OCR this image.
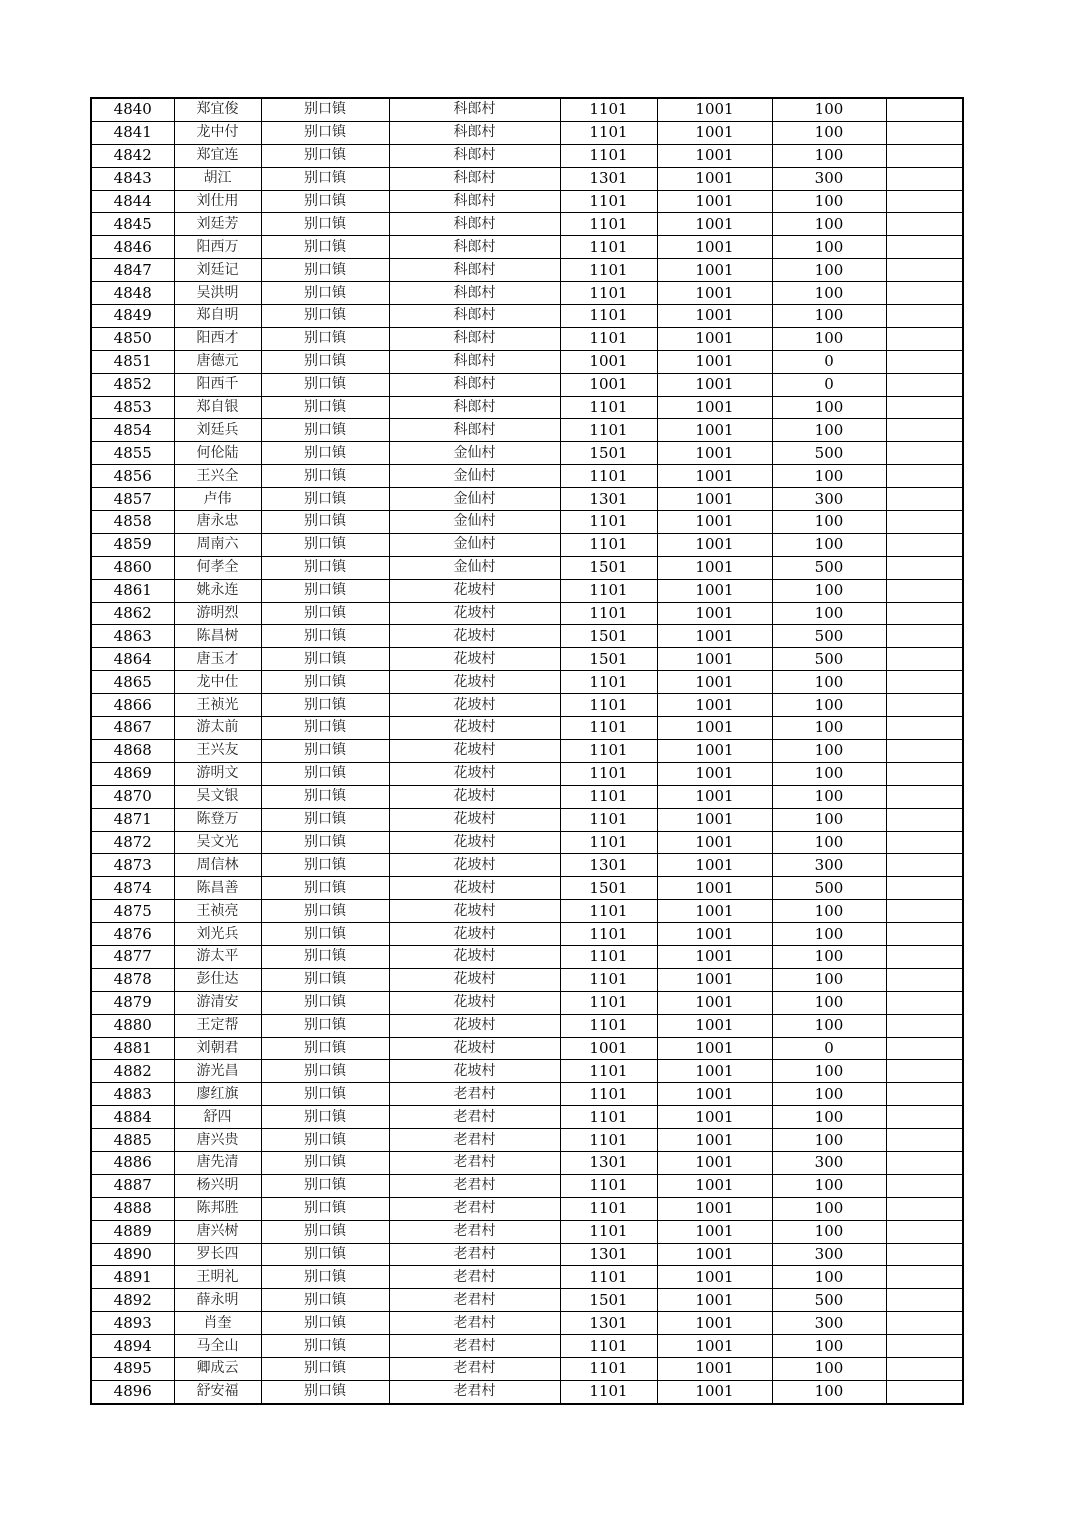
4840	郑宜俊	别口镇	科郎村	1101	1001	100	
4841	龙中付	别口镇	科郎村	1101	1001	100	
4842	郑宜连	别口镇	科郎村	1101	1001	100	
4843	胡江	别口镇	科郎村	1301	1001	300	
4844	刘仕用	别口镇	科郎村	1101	1001	100	
4845	刘廷芳	别口镇	科郎村	1101	1001	100	
4846	阳西万	别口镇	科郎村	1101	1001	100	
4847	刘廷记	别口镇	科郎村	1101	1001	100	
4848	吴洪明	别口镇	科郎村	1101	1001	100	
4849	郑自明	别口镇	科郎村	1101	1001	100	
4850	阳西才	别口镇	科郎村	1101	1001	100	
4851	唐德元	别口镇	科郎村	1001	1001	0	
4852	阳西千	别口镇	科郎村	1001	1001	0	
4853	郑自银	别口镇	科郎村	1101	1001	100	
4854	刘廷兵	别口镇	科郎村	1101	1001	100	
4855	何伦陆	别口镇	金仙村	1501	1001	500	
4856	王兴全	别口镇	金仙村	1101	1001	100	
4857	卢伟	别口镇	金仙村	1301	1001	300	
4858	唐永忠	别口镇	金仙村	1101	1001	100	
4859	周南六	别口镇	金仙村	1101	1001	100	
4860	何孝全	别口镇	金仙村	1501	1001	500	
4861	姚永连	别口镇	花坡村	1101	1001	100	
4862	游明烈	别口镇	花坡村	1101	1001	100	
4863	陈昌树	别口镇	花坡村	1501	1001	500	
4864	唐玉才	别口镇	花坡村	1501	1001	500	
4865	龙中仕	别口镇	花坡村	1101	1001	100	
4866	王祯光	别口镇	花坡村	1101	1001	100	
4867	游太前	别口镇	花坡村	1101	1001	100	
4868	王兴友	别口镇	花坡村	1101	1001	100	
4869	游明文	别口镇	花坡村	1101	1001	100	
4870	吴文银	别口镇	花坡村	1101	1001	100	
4871	陈登万	别口镇	花坡村	1101	1001	100	
4872	吴文光	别口镇	花坡村	1101	1001	100	
4873	周信林	别口镇	花坡村	1301	1001	300	
4874	陈昌善	别口镇	花坡村	1501	1001	500	
4875	王祯亮	别口镇	花坡村	1101	1001	100	
4876	刘光兵	别口镇	花坡村	1101	1001	100	
4877	游太平	别口镇	花坡村	1101	1001	100	
4878	彭仕达	别口镇	花坡村	1101	1001	100	
4879	游清安	别口镇	花坡村	1101	1001	100	
4880	王定帮	别口镇	花坡村	1101	1001	100	
4881	刘朝君	别口镇	花坡村	1001	1001	0	
4882	游光昌	别口镇	花坡村	1101	1001	100	
4883	廖红旗	别口镇	老君村	1101	1001	100	
4884	舒四	别口镇	老君村	1101	1001	100	
4885	唐兴贵	别口镇	老君村	1101	1001	100	
4886	唐先清	别口镇	老君村	1301	1001	300	
4887	杨兴明	别口镇	老君村	1101	1001	100	
4888	陈邦胜	别口镇	老君村	1101	1001	100	
4889	唐兴树	别口镇	老君村	1101	1001	100	
4890	罗长四	别口镇	老君村	1301	1001	300	
4891	王明礼	别口镇	老君村	1101	1001	100	
4892	薛永明	别口镇	老君村	1501	1001	500	
4893	肖奎	别口镇	老君村	1301	1001	300	
4894	马全山	别口镇	老君村	1101	1001	100	
4895	卿成云	别口镇	老君村	1101	1001	100	
4896	舒安福	别口镇	老君村	1101	1001	100	
